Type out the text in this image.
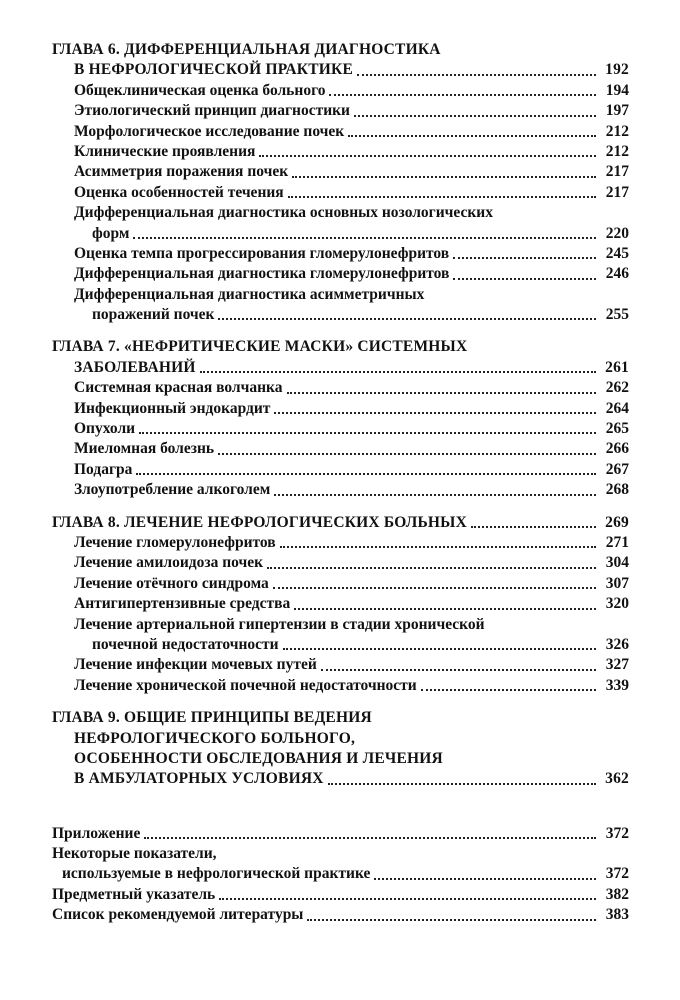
ГЛАВА 6. ДИФФЕРЕНЦИАЛЬНАЯ ДИАГНОСТИКА
В НЕФРОЛОГИЧЕСКОЙ ПРАКТИКЕ	192
Общеклиническая оценка больного	194
Этиологический принцип диагностики	197
Морфологическое исследование почек	212
Клинические проявления	212
Асимметрия поражения почек	217
Оценка особенностей течения	217
Дифференциальная диагностика основных нозологических
форм	220
Оценка темпа прогрессирования гломерулонефритов	245
Дифференциальная диагностика гломерулонефритов	246
Дифференциальная диагностика асимметричных
поражений почек	255
ГЛАВА 7. «НЕФРИТИЧЕСКИЕ МАСКИ» СИСТЕМНЫХ
ЗАБОЛЕВАНИЙ	261
Системная красная волчанка	262
Инфекционный эндокардит	264
Опухоли	265
Миеломная болезнь	266
Подагра	267
Злоупотребление алкоголем	268
ГЛАВА 8. ЛЕЧЕНИЕ НЕФРОЛОГИЧЕСКИХ БОЛЬНЫХ	269
Лечение гломерулонефритов	271
Лечение амилоидоза почек	304
Лечение отёчного синдрома	307
Антигипертензивные средства	320
Лечение артериальной гипертензии в стадии хронической
почечной недостаточности	326
Лечение инфекции мочевых путей	327
Лечение хронической почечной недостаточности	339
ГЛАВА 9. ОБЩИЕ ПРИНЦИПЫ ВЕДЕНИЯ
НЕФРОЛОГИЧЕСКОГО БОЛЬНОГО,
ОСОБЕННОСТИ ОБСЛЕДОВАНИЯ И ЛЕЧЕНИЯ
В АМБУЛАТОРНЫХ УСЛОВИЯХ	362
Приложение	372
Некоторые показатели,
используемые в нефрологической практике	372
Предметный указатель	382
Список рекомендуемой литературы	383
